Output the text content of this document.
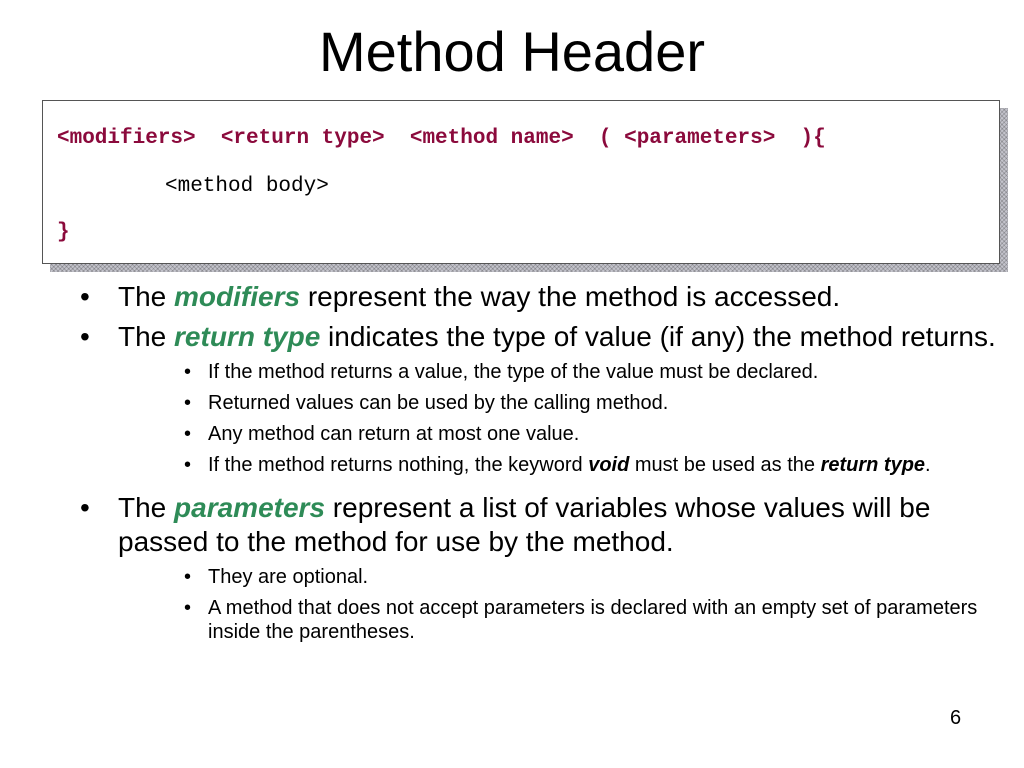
Method Header
<modifiers>  <return type>  <method name>  ( <parameters>  ){
<method body>
}
• The modifiers represent the way the method is accessed.
• The return type indicates the type of value (if any) the method returns.
• If the method returns a value, the type of the value must be declared.
• Returned values can be used by the calling method.
• Any method can return at most one value.
• If the method returns nothing, the keyword void must be used as the return type.
• The parameters represent a list of variables whose values will be passed to the method for use by the method.
• They are optional.
• A method that does not accept parameters is declared with an empty set of parameters inside the parentheses.
6
